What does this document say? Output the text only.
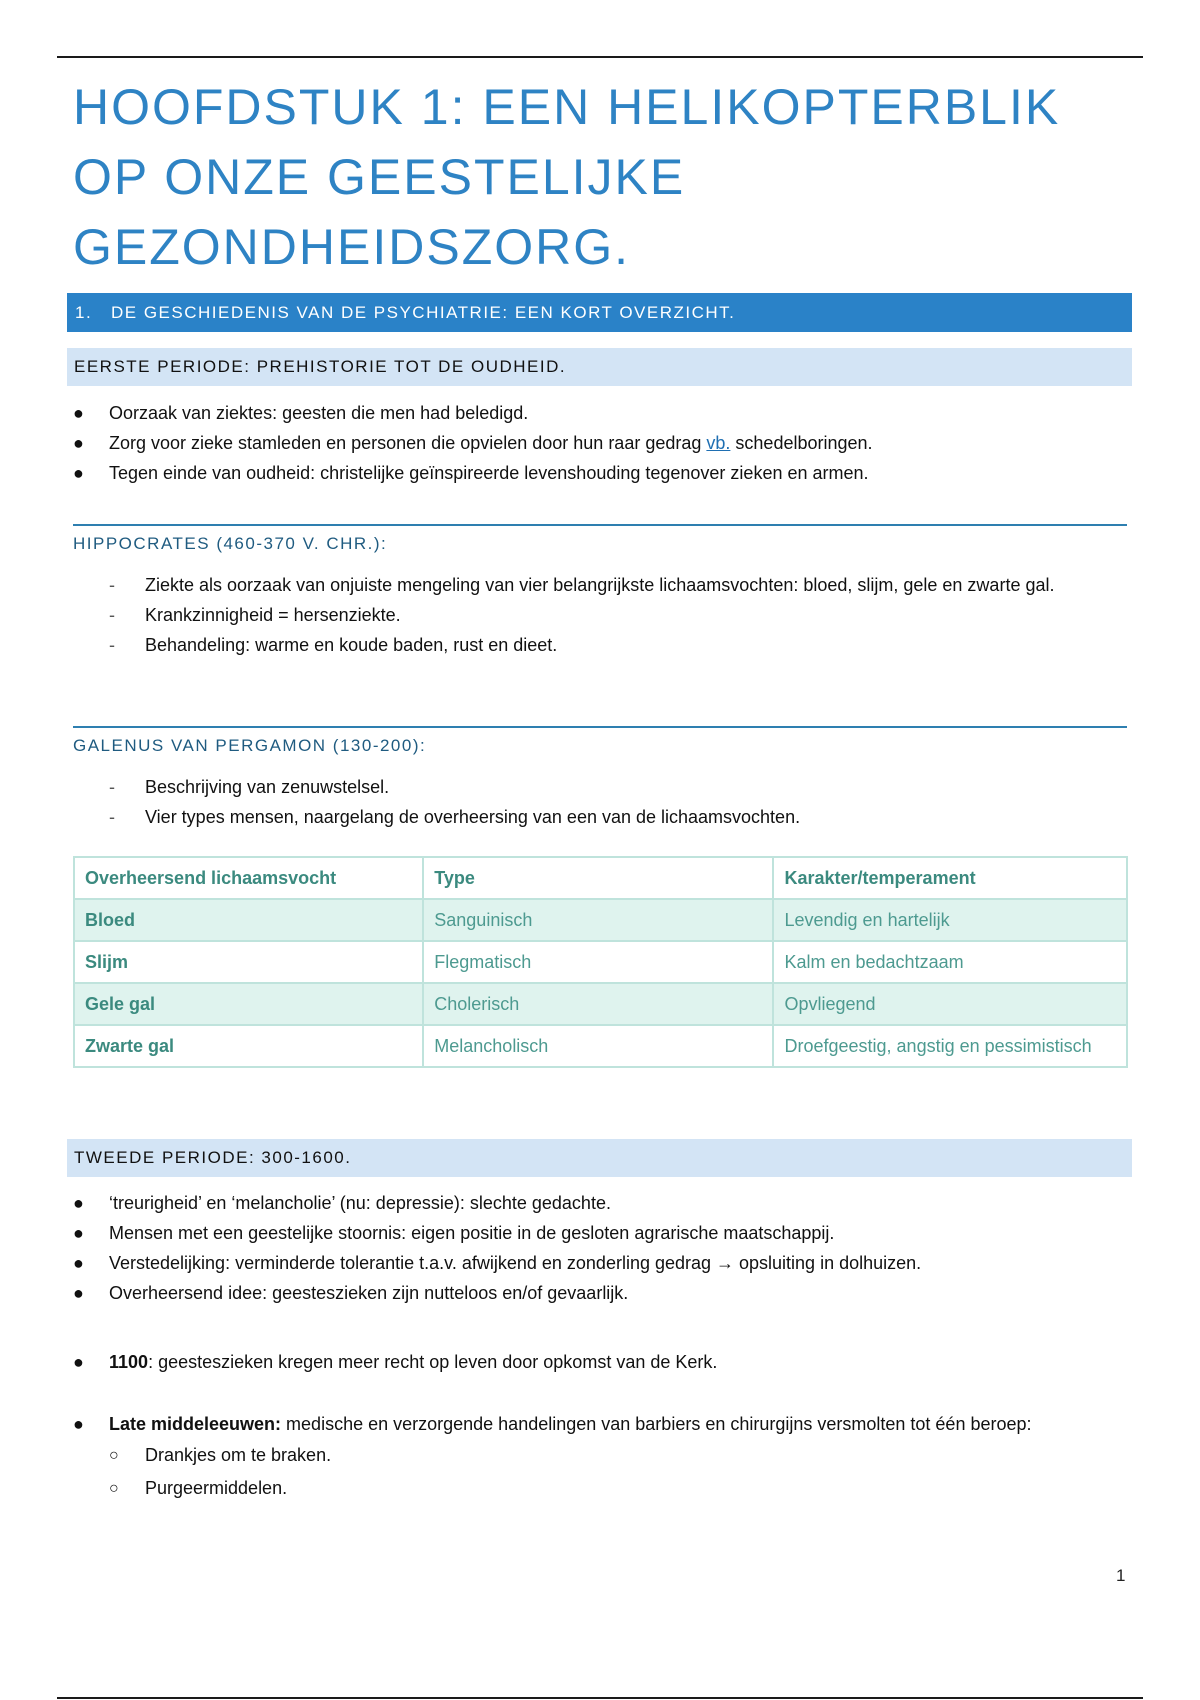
HOOFDSTUK 1: EEN HELIKOPTERBLIK OP ONZE GEESTELIJKE GEZONDHEIDSZORG.
1. DE GESCHIEDENIS VAN DE PSYCHIATRIE: EEN KORT OVERZICHT.
EERSTE PERIODE: PREHISTORIE TOT DE OUDHEID.
●	Oorzaak van ziektes: geesten die men had beledigd.
●	Zorg voor zieke stamleden en personen die opvielen door hun raar gedrag vb. schedelboringen.
●	Tegen einde van oudheid: christelijke geïnspireerde levenshouding tegenover zieken en armen.
HIPPOCRATES (460-370 V. CHR.):
-	Ziekte als oorzaak van onjuiste mengeling van vier belangrijkste lichaamsvochten: bloed, slijm, gele en zwarte gal.
-	Krankzinnigheid = hersenziekte.
-	Behandeling: warme en koude baden, rust en dieet.
GALENUS VAN PERGAMON (130-200):
-	Beschrijving van zenuwstelsel.
-	Vier types mensen, naargelang de overheersing van een van de lichaamsvochten.
Overheersend lichaamsvocht	Type	Karakter/temperament
Bloed	Sanguinisch	Levendig en hartelijk
Slijm	Flegmatisch	Kalm en bedachtzaam
Gele gal	Cholerisch	Opvliegend
Zwarte gal	Melancholisch	Droefgeestig, angstig en pessimistisch
TWEEDE PERIODE: 300-1600.
●	‘treurigheid’ en ‘melancholie’ (nu: depressie): slechte gedachte.
●	Mensen met een geestelijke stoornis: eigen positie in de gesloten agrarische maatschappij.
●	Verstedelijking: verminderde tolerantie t.a.v. afwijkend en zonderling gedrag → opsluiting in dolhuizen.
●	Overheersend idee: geesteszieken zijn nutteloos en/of gevaarlijk.
●	1100: geesteszieken kregen meer recht op leven door opkomst van de Kerk.
●	Late middeleeuwen: medische en verzorgende handelingen van barbiers en chirurgijns versmolten tot één beroep:
○ Drankjes om te braken.
○ Purgeermiddelen.
1
